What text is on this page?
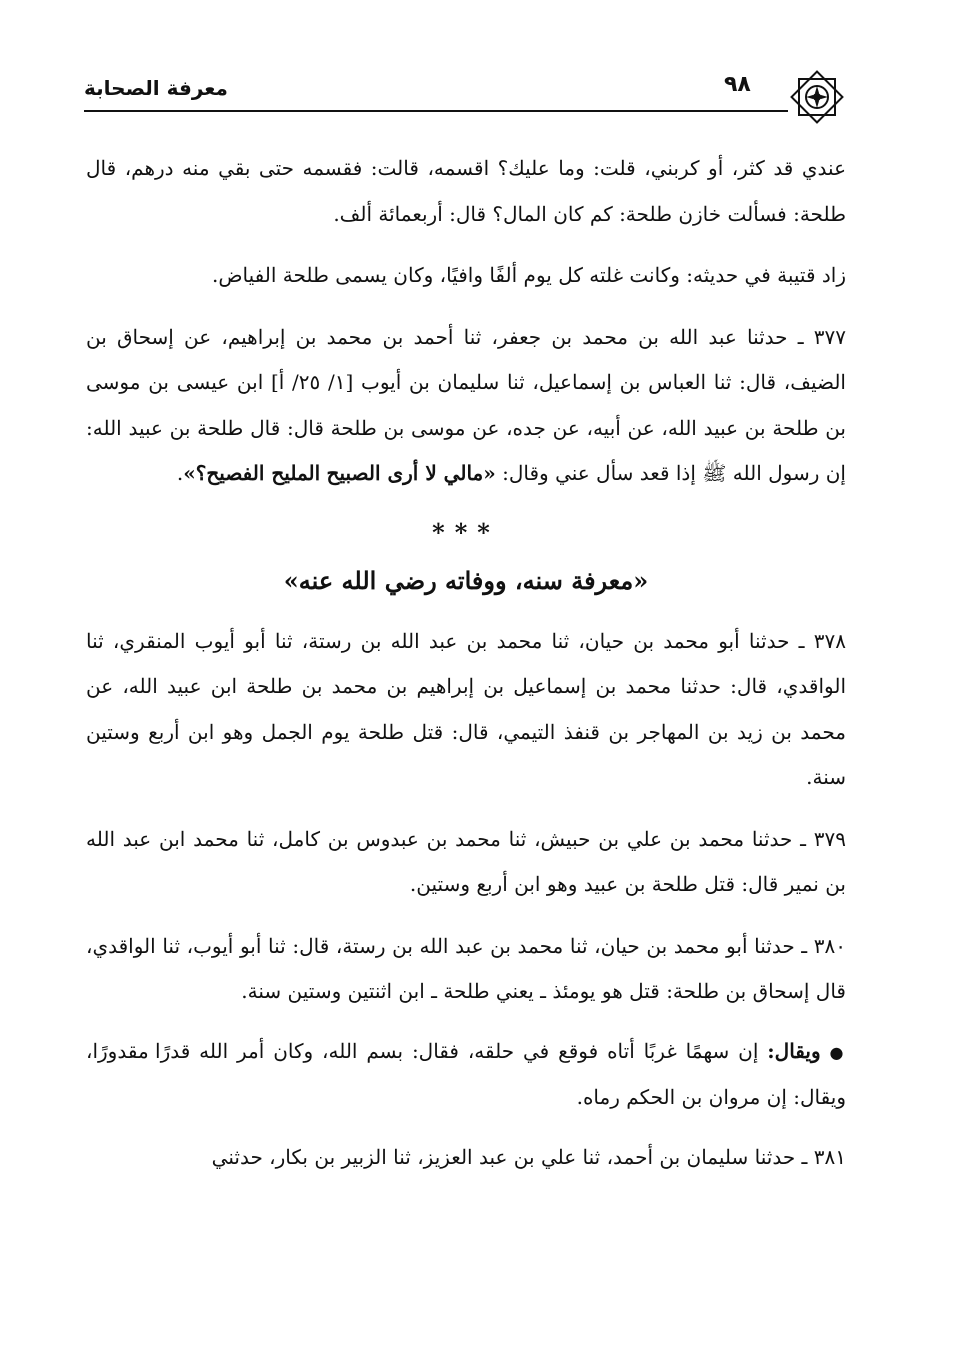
معرفة الصحابة	٩٨

عندي قد كثر، أو كربني، قلت: وما عليك؟ اقسمه، قالت: فقسمه حتى بقي منه درهم، قال طلحة: فسألت خازن طلحة: كم كان المال؟ قال: أربعمائة ألف.

زاد قتيبة في حديثه: وكانت غلته كل يوم ألفًا وافيًا، وكان يسمى طلحة الفياض.

٣٧٧ ـ حدثنا عبد الله بن محمد بن جعفر، ثنا أحمد بن محمد بن إبراهيم، عن إسحاق بن الضيف، قال: ثنا العباس بن إسماعيل، ثنا سليمان بن أيوب [١/ ٢٥/ أ] ابن عيسى بن موسى بن طلحة بن عبيد الله، عن أبيه، عن جده، عن موسى بن طلحة قال: قال طلحة بن عبيد الله: إن رسول الله ﷺ إذا قعد سأل عني وقال: «مالي لا أرى الصبيح المليح الفصيح؟».

***
«معرفة سنه، ووفاته رضي الله عنه»

٣٧٨ ـ حدثنا أبو محمد بن حيان، ثنا محمد بن عبد الله بن رستة، ثنا أبو أيوب المنقري، ثنا الواقدي، قال: حدثنا محمد بن إسماعيل بن إبراهيم بن محمد بن طلحة ابن عبيد الله، عن محمد بن زيد بن المهاجر بن قنفذ التيمي، قال: قتل طلحة يوم الجمل وهو ابن أربع وستين سنة.

٣٧٩ ـ حدثنا محمد بن علي بن حبيش، ثنا محمد بن عبدوس بن كامل، ثنا محمد ابن عبد الله بن نمير قال: قتل طلحة بن عبيد وهو ابن أربع وستين.

٣٨٠ ـ حدثنا أبو محمد بن حيان، ثنا محمد بن عبد الله بن رستة، قال: ثنا أبو أيوب، ثنا الواقدي، قال إسحاق بن طلحة: قتل هو يومئذ ـ يعني طلحة ـ ابن اثنتين وستين سنة.

● ويقال: إن سهمًا غربًا أتاه فوقع في حلقه، فقال: بسم الله، وكان أمر الله قدرًا مقدورًا، ويقال: إن مروان بن الحكم رماه.

٣٨١ ـ حدثنا سليمان بن أحمد، ثنا علي بن عبد العزيز، ثنا الزبير بن بكار، حدثني
